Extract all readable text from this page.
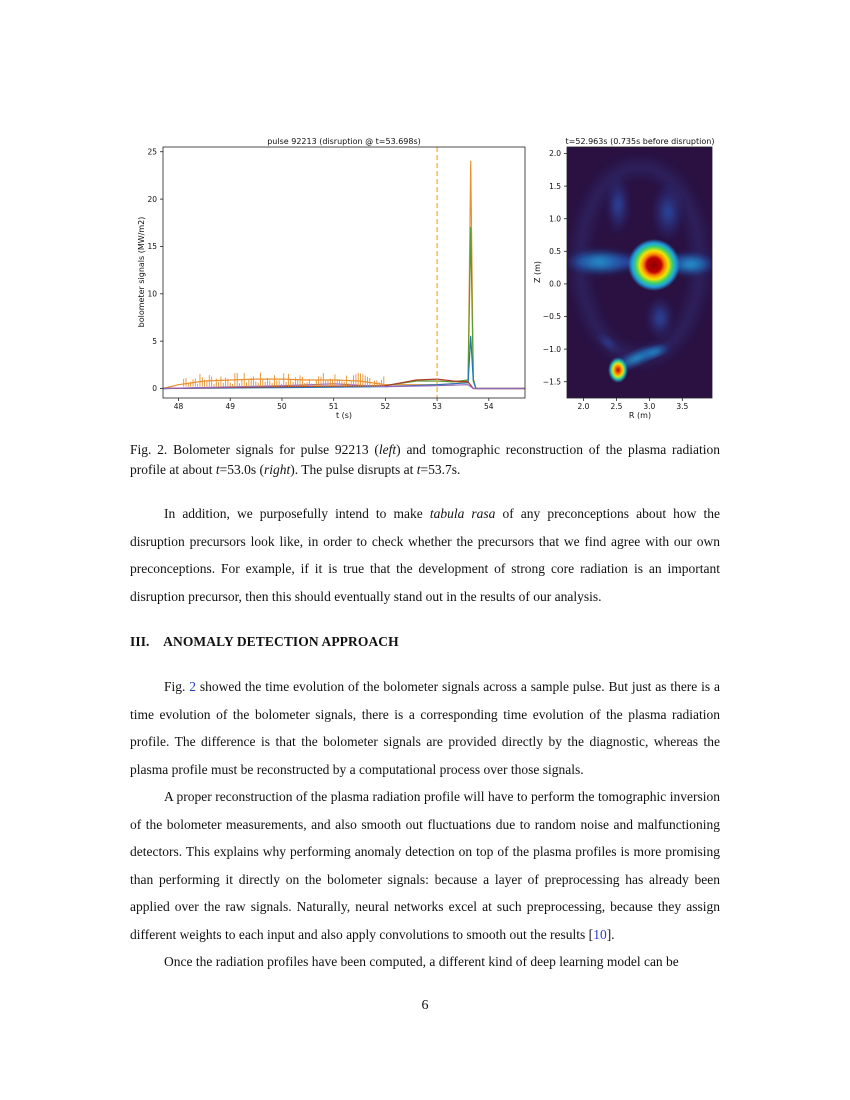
pulse 92213 (disruption @ t=53.698s)
bolometer signals (MW/m2)
t (s)
48	49	50	51	52	53	54
0
5
10
15
20
25
t=52.963s (0.735s before disruption)
Z (m)
R (m)
2.0	2.5	3.0	3.5
2.0
1.5
1.0
0.5
0.0
−0.5
−1.0
−1.5
Fig. 2. Bolometer signals for pulse 92213 (left) and tomographic reconstruction of the plasma radiation profile at about t=53.0s (right). The pulse disrupts at t=53.7s.

In addition, we purposefully intend to make tabula rasa of any preconceptions about how the disruption precursors look like, in order to check whether the precursors that we find agree with our own preconceptions. For example, if it is true that the development of strong core radiation is an important disruption precursor, then this should eventually stand out in the results of our analysis.

III. ANOMALY DETECTION APPROACH

Fig. 2 showed the time evolution of the bolometer signals across a sample pulse. But just as there is a time evolution of the bolometer signals, there is a corresponding time evolution of the plasma radiation profile. The difference is that the bolometer signals are provided directly by the diagnostic, whereas the plasma profile must be reconstructed by a computational process over those signals.

A proper reconstruction of the plasma radiation profile will have to perform the tomographic inversion of the bolometer measurements, and also smooth out fluctuations due to random noise and malfunctioning detectors. This explains why performing anomaly detection on top of the plasma profiles is more promising than performing it directly on the bolometer signals: because a layer of preprocessing has already been applied over the raw signals. Naturally, neural networks excel at such preprocessing, because they assign different weights to each input and also apply convolutions to smooth out the results [10].

Once the radiation profiles have been computed, a different kind of deep learning model can be

6
